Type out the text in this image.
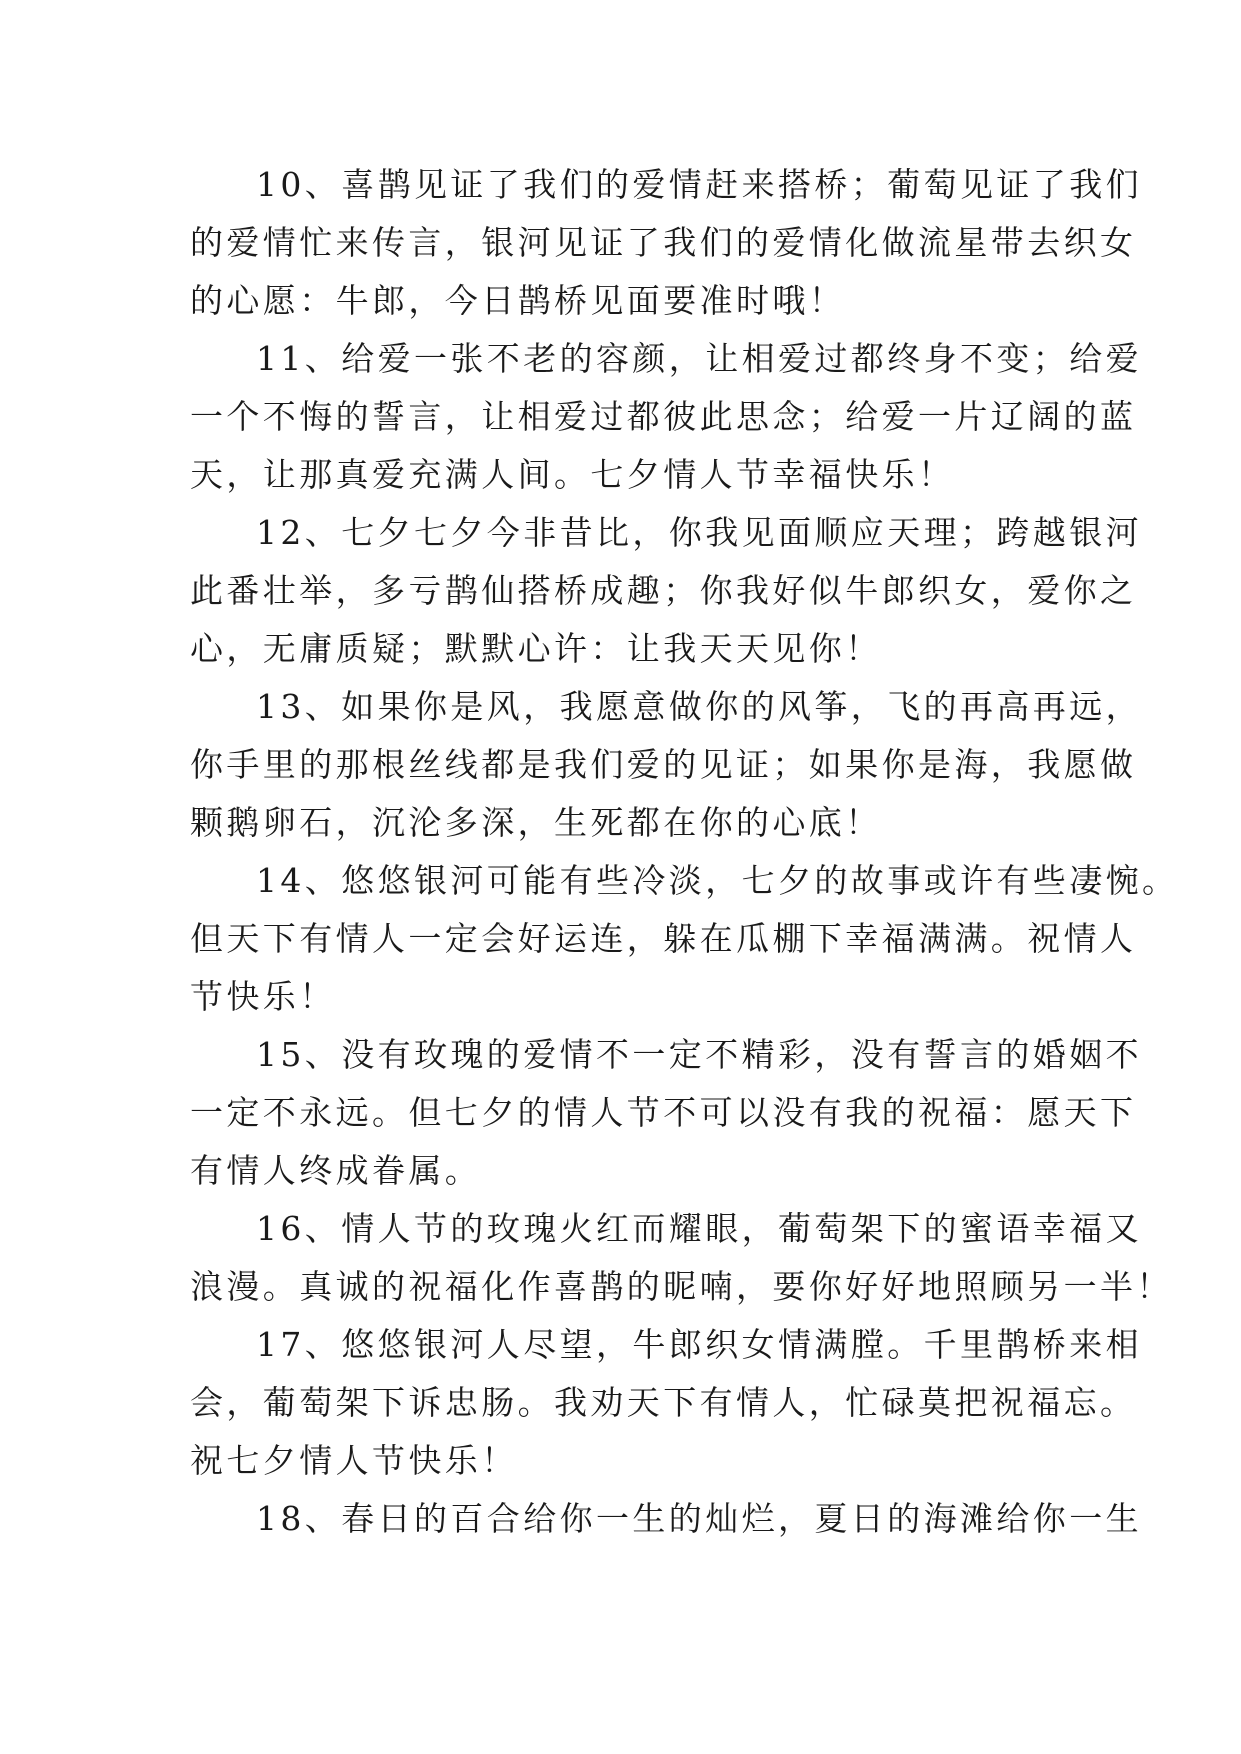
10、喜鹊见证了我们的爱情赶来搭桥；葡萄见证了我们
的爱情忙来传言，银河见证了我们的爱情化做流星带去织女
的心愿：牛郎，今日鹊桥见面要准时哦！

11、给爱一张不老的容颜，让相爱过都终身不变；给爱
一个不悔的誓言，让相爱过都彼此思念；给爱一片辽阔的蓝
天，让那真爱充满人间。七夕情人节幸福快乐！

12、七夕七夕今非昔比，你我见面顺应天理；跨越银河
此番壮举，多亏鹊仙搭桥成趣；你我好似牛郎织女，爱你之
心，无庸质疑；默默心许：让我天天见你！

13、如果你是风，我愿意做你的风筝，飞的再高再远，
你手里的那根丝线都是我们爱的见证；如果你是海，我愿做
颗鹅卵石，沉沦多深，生死都在你的心底！

14、悠悠银河可能有些冷淡，七夕的故事或许有些凄惋。
但天下有情人一定会好运连，躲在瓜棚下幸福满满。祝情人
节快乐！

15、没有玫瑰的爱情不一定不精彩，没有誓言的婚姻不
一定不永远。但七夕的情人节不可以没有我的祝福：愿天下
有情人终成眷属。

16、情人节的玫瑰火红而耀眼，葡萄架下的蜜语幸福又
浪漫。真诚的祝福化作喜鹊的昵喃，要你好好地照顾另一半！

17、悠悠银河人尽望，牛郎织女情满膛。千里鹊桥来相
会，葡萄架下诉忠肠。我劝天下有情人，忙碌莫把祝福忘。
祝七夕情人节快乐！

18、春日的百合给你一生的灿烂，夏日的海滩给你一生
